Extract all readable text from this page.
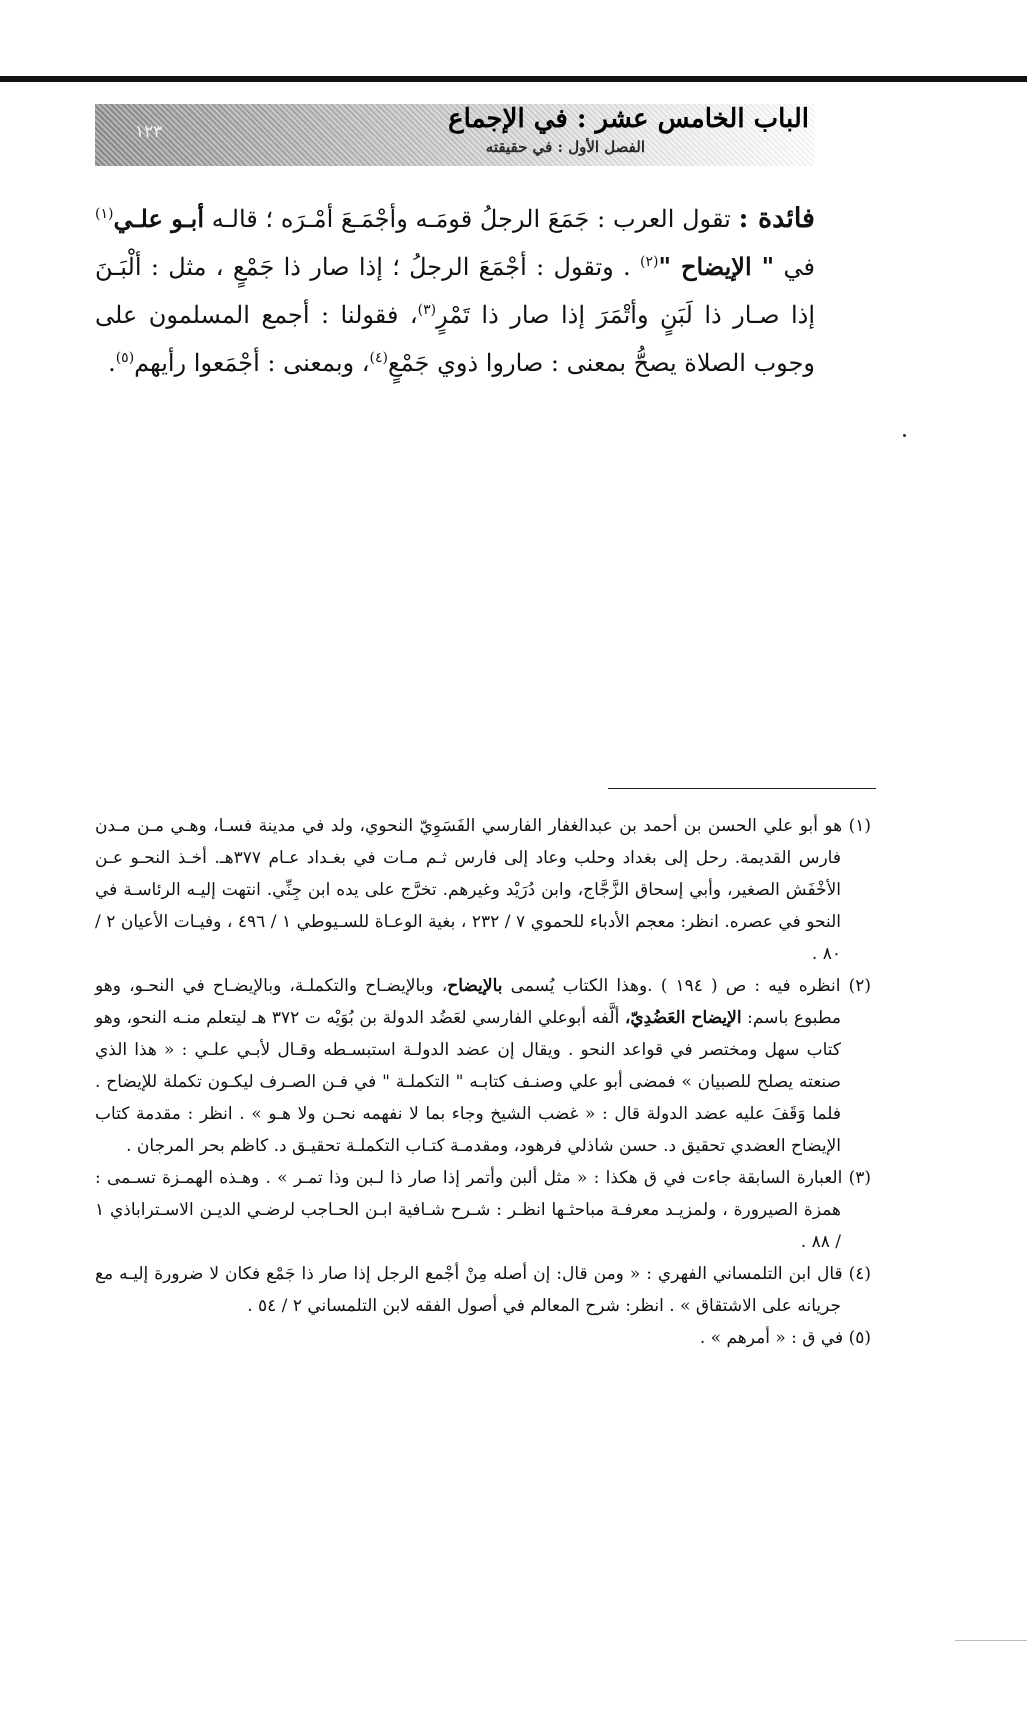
الباب الخامس عشر : في الإجماع
الفصل الأول : في حقيقته
١٢٣
فائدة : تقول العرب : جَمَعَ الرجلُ قومَـه وأجْمَـعَ أمْـرَه ؛ قالـه أبـو علـي$^{(١)}$ في " الإيضاح "$^{(٢)}$ . وتقول : أجْمَعَ الرجلُ ؛ إذا صار ذا جَمْعٍ ، مثل : ألْبَـنَ إذا صـار ذا لَبَنٍ وأتْمَرَ إذا صار ذا تَمْرٍ$^{(٣)}$، فقولنا : أجمع المسلمون على وجوب الصلاة يصحُّ بمعنى : صاروا ذوي جَمْعٍ$^{(٤)}$، وبمعنى : أجْمَعوا رأيهم$^{(٥)}$.

(١) هو أبو علي الحسن بن أحمد بن عبدالغفار الفارسي الفَسَوِيّ النحوي، ولد في مدينة فسـا، وهـي مـن مـدن فارس القديمة. رحل إلى بغداد وحلب وعاد إلى فارس ثـم مـات في بغـداد عـام ٣٧٧هـ. أخـذ النحـو عـن الأخْفَش الصغير، وأبي إسحاق الزَّجَّاج، وابن دُرَيْد وغيرهم. تخرَّج على يده ابن جِنِّي. انتهت إليـه الرئاسـة في النحو في عصره. انظر: معجم الأدباء للحموي ٧ / ٢٣٢ ، بغية الوعـاة للسـيوطي ١ / ٤٩٦ ، وفيـات الأعيان ٢ / ٨٠ .

(٢) انظره فيه : ص ( ١٩٤ ) .وهذا الكتاب يُسمى بالإيضاح، وبالإيضـاح والتكملـة، وبالإيضـاح في النحـو، وهو مطبوع باسم: الإيضاح العَضُدِيّ، ألَّفه أبوعلي الفارسي لعَضُد الدولة بن بُوَيْه ت ٣٧٢ هـ ليتعلم منـه النحو، وهو كتاب سهل ومختصر في قواعد النحو . ويقال إن عضد الدولـة استبسـطه وقـال لأبـي علـي : « هذا الذي صنعته يصلح للصبيان » فمضى أبو علي وصنـف كتابـه " التكملـة " في فـن الصـرف ليكـون تكملة للإيضاح . فلما وَقَفَ عليه عضد الدولة قال : « غضب الشيخ وجاء بما لا نفهمه نحـن ولا هـو » . انظر : مقدمة كتاب الإيضاح العضدي تحقيق د. حسن شاذلي فرهود، ومقدمـة كتـاب التكملـة تحقيـق د. كاظم بحر المرجان .

(٣) العبارة السابقة جاءت في ق هكذا : « مثل ألبن وأتمر إذا صار ذا لـبن وذا تمـر » . وهـذه الهمـزة تسـمى : همزة الصيرورة ، ولمزيـد معرفـة مباحثـها انظـر : شـرح شـافية ابـن الحـاجب لرضـي الديـن الاسـتراباذي ١ / ٨٨ .

(٤) قال ابن التلمساني الفهري : « ومن قال: إن أصله مِنْ أجْمع الرجل إذا صار ذا جَمْع فكان لا ضرورة إليـه مع جريانه على الاشتقاق » . انظر: شرح المعالم في أصول الفقه لابن التلمساني ٢ / ٥٤ .

(٥) في ق : « أمرهم » .
